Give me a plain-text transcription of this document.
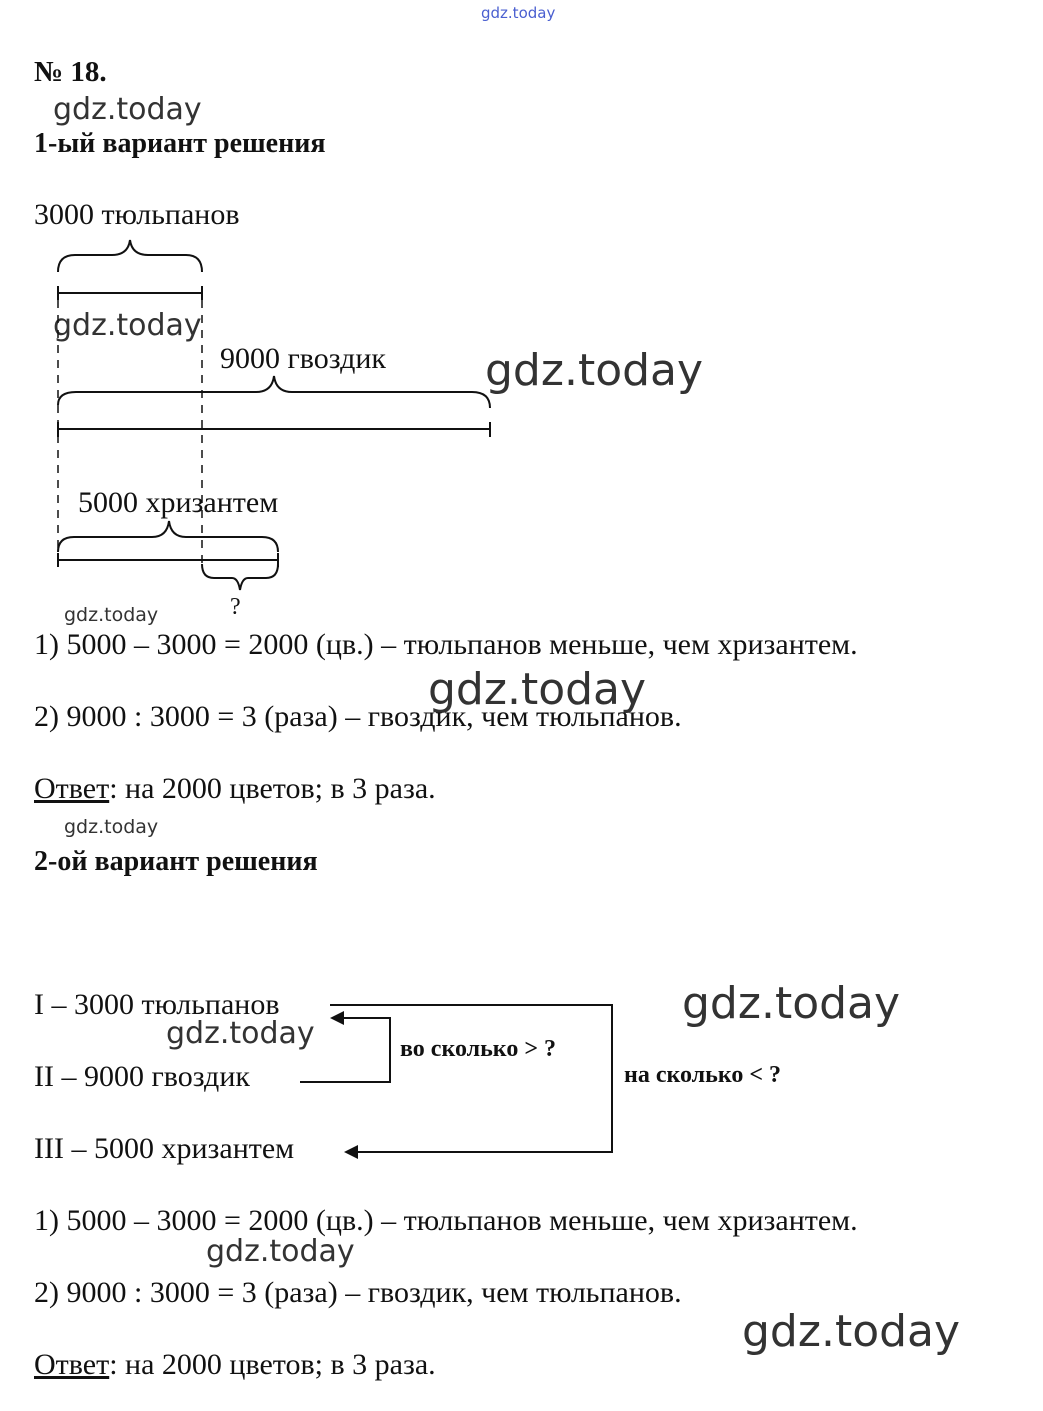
gdz.today
№ 18.
gdz.today
1-ый вариант решения
3000 тюльпанов
gdz.today
9000 гвоздик gdz.today
5000 хризантем
?
gdz.today
1) 5000 – 3000 = 2000 (цв.) – тюльпанов меньше, чем хризантем.
gdz.today
2) 9000 : 3000 = 3 (раза) – гвоздик, чем тюльпанов.
Ответ: на 2000 цветов; в 3 раза.
gdz.today
2-ой вариант решения
gdz.today
I – 3000 тюльпанов
gdz.today	во сколько > ?
II – 9000 гвоздик	на сколько < ?
III – 5000 хризантем
1) 5000 – 3000 = 2000 (цв.) – тюльпанов меньше, чем хризантем.
gdz.today
2) 9000 : 3000 = 3 (раза) – гвоздик, чем тюльпанов.
gdz.today
Ответ: на 2000 цветов; в 3 раза.
